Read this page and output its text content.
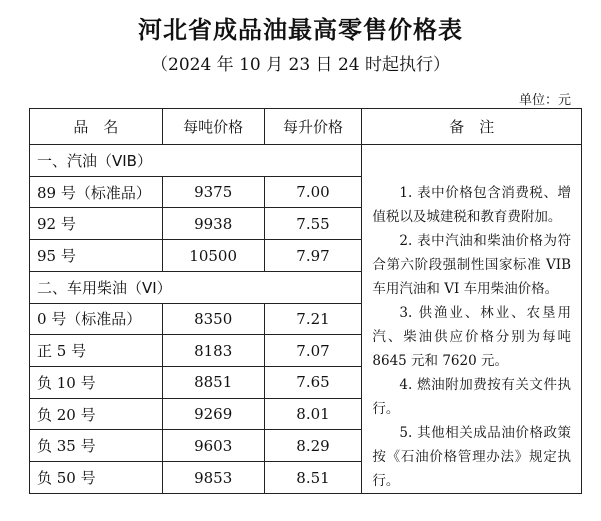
河北省成品油最高零售价格表
（2024 年 10 月 23 日 24 时起执行）
单位：元
品　名	每吨价格	每升价格	备　注
一、汽油（VIB）			1. 表中价格包含消费税、增值税以及城建税和教育费附加。

2. 表中汽油和柴油价格为符合第六阶段强制性国家标准 VIB 车用汽油和 VI 车用柴油价格。

3. 供渔业、林业、农垦用汽、柴油供应价格分别为每吨 8645 元和 7620 元。

4. 燃油附加费按有关文件执行。

5. 其他相关成品油价格政策按《石油价格管理办法》规定执行。

89 号（标准品）	9375	7.00	
92 号	9938	7.55	
95 号	10500	7.97	
二、车用柴油（VI）			
0 号（标准品）	8350	7.21	
正 5 号	8183	7.07	
负 10 号	8851	7.65	
负 20 号	9269	8.01	
负 35 号	9603	8.29	
负 50 号	9853	8.51	
